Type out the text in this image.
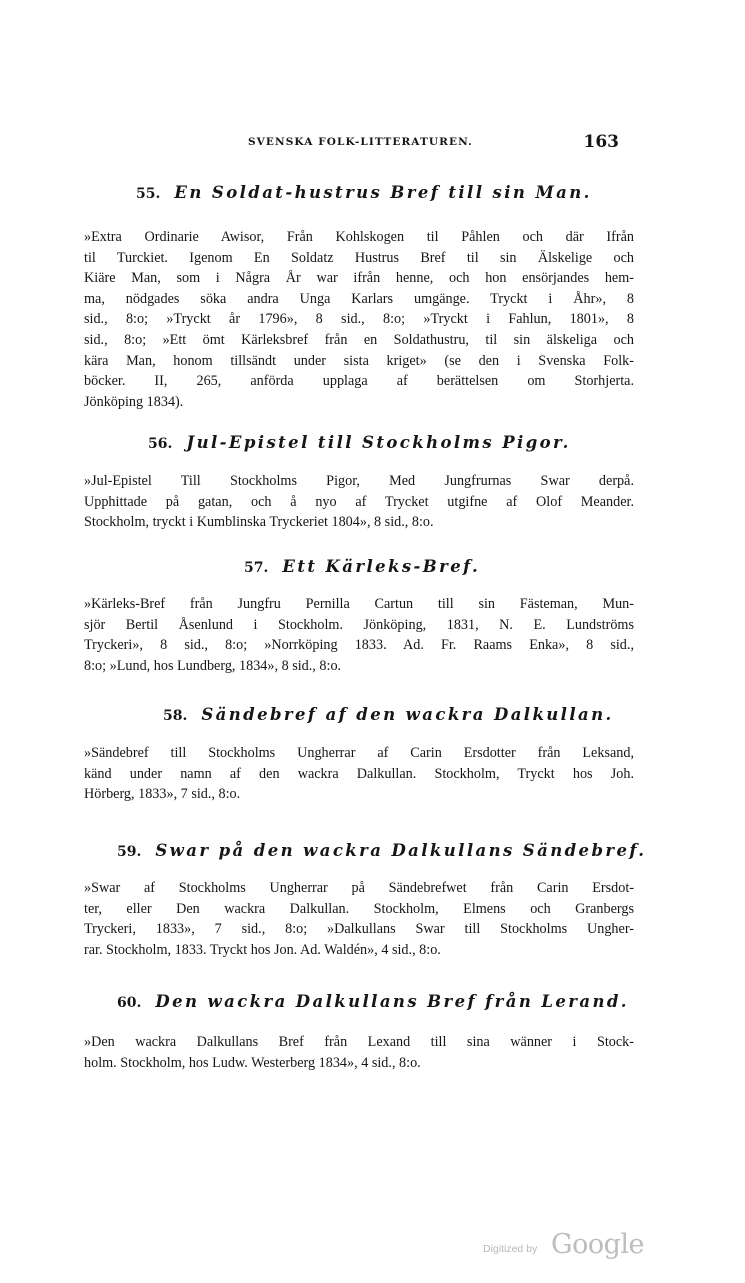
SVENSKA FOLK-LITTERATUREN.	163
55. En Soldat-hustrus Bref till sin Man.
»Extra Ordinarie Awisor, Från Kohlskogen til Påhlen och där Ifrån
til Turckiet. Igenom En Soldatz Hustrus Bref til sin Älskelige och
Kiäre Man, som i Några År war ifrån henne, och hon ensörjandes hem-
ma, nödgades söka andra Unga Karlars umgänge. Tryckt i Åhr», 8
sid., 8:o; »Tryckt år 1796», 8 sid., 8:o; »Tryckt i Fahlun, 1801», 8
sid., 8:o; »Ett ömt Kärleksbref från en Soldathustru, til sin älskeliga och
kära Man, honom tillsändt under sista kriget» (se den i Svenska Folk-
böcker. II, 265, anförda upplaga af berättelsen om Storhjerta.
Jönköping 1834).
56. Jul-Epistel till Stockholms Pigor.
»Jul-Epistel Till Stockholms Pigor, Med Jungfrurnas Swar derpå.
Upphittade på gatan, och å nyo af Trycket utgifne af Olof Meander.
Stockholm, tryckt i Kumblinska Tryckeriet 1804», 8 sid., 8:o.
57. Ett Kärleks-Bref.
»Kärleks-Bref från Jungfru Pernilla Cartun till sin Fästeman, Mun-
sjör Bertil Åsenlund i Stockholm. Jönköping, 1831, N. E. Lundströms
Tryckeri», 8 sid., 8:o; »Norrköping 1833. Ad. Fr. Raams Enka», 8 sid.,
8:o; »Lund, hos Lundberg, 1834», 8 sid., 8:o.
58. Sändebref af den wackra Dalkullan.
»Sändebref till Stockholms Ungherrar af Carin Ersdotter från Leksand,
känd under namn af den wackra Dalkullan. Stockholm, Tryckt hos Joh.
Hörberg, 1833», 7 sid., 8:o.
59. Swar på den wackra Dalkullans Sändebref.
»Swar af Stockholms Ungherrar på Sändebrefwet från Carin Ersdot-
ter, eller Den wackra Dalkullan. Stockholm, Elmens och Granbergs
Tryckeri, 1833», 7 sid., 8:o; »Dalkullans Swar till Stockholms Ungher-
rar. Stockholm, 1833. Tryckt hos Jon. Ad. Waldén», 4 sid., 8:o.
60. Den wackra Dalkullans Bref från Lerand.
»Den wackra Dalkullans Bref från Lexand till sina wänner i Stock-
holm. Stockholm, hos Ludw. Westerberg 1834», 4 sid., 8:o.
Digitized by Google
